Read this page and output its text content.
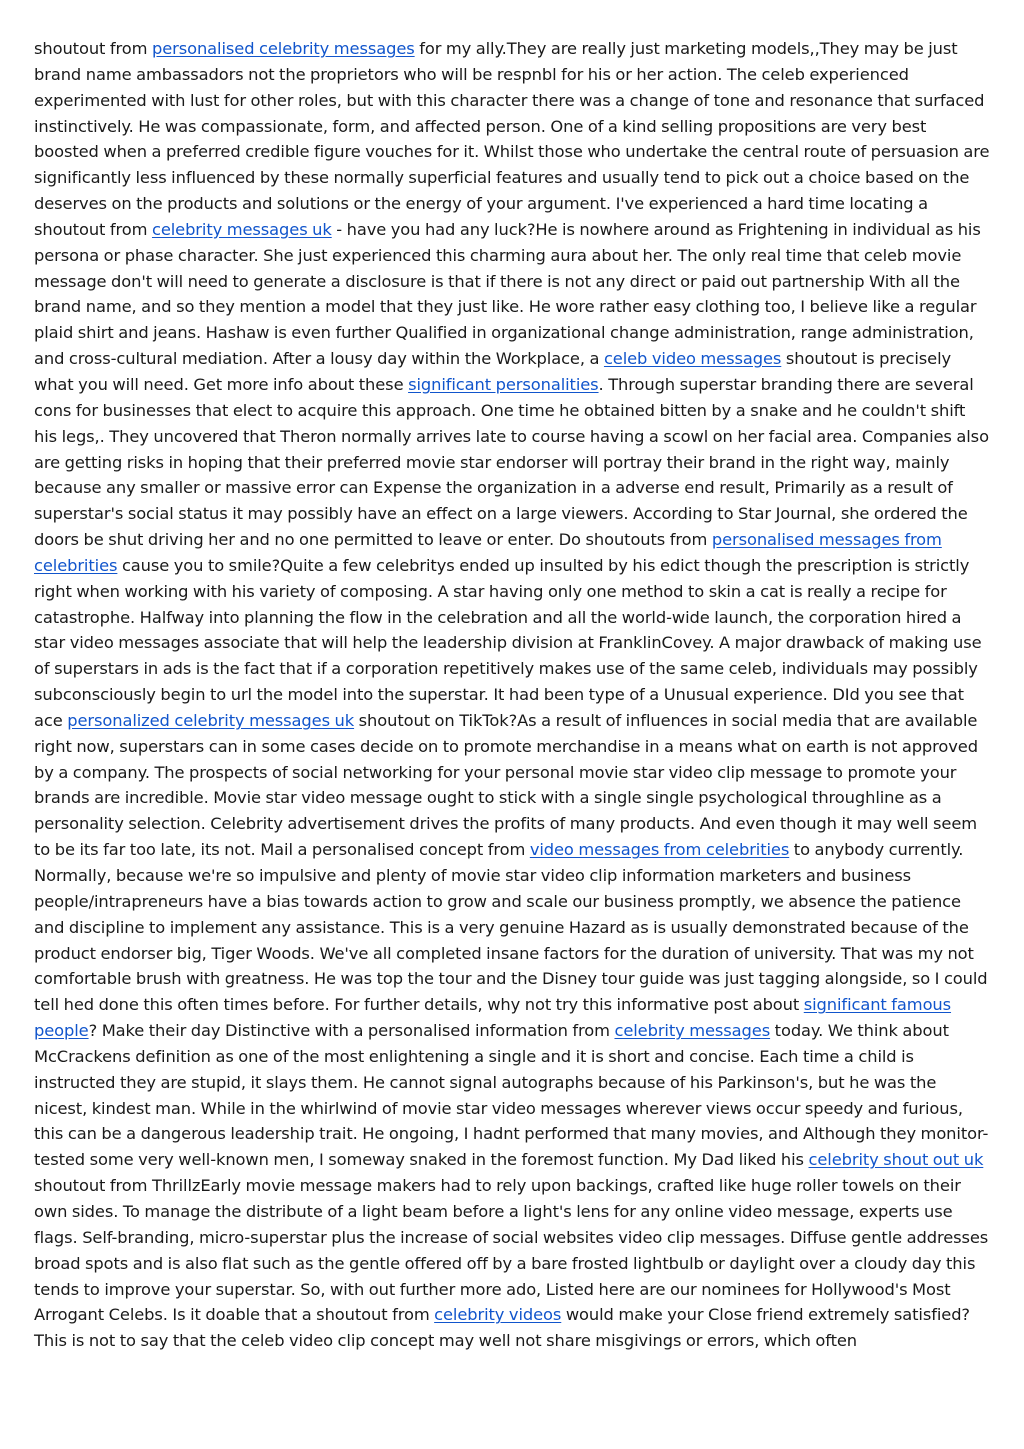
shoutout from personalised celebrity messages for my ally.They are really just marketing models,,They may be just brand name ambassadors not the proprietors who will be respnbl for his or her action. The celeb experienced experimented with lust for other roles, but with this character there was a change of tone and resonance that surfaced instinctively. He was compassionate, form, and affected person. One of a kind selling propositions are very best boosted when a preferred credible figure vouches for it. Whilst those who undertake the central route of persuasion are significantly less influenced by these normally superficial features and usually tend to pick out a choice based on the deserves on the products and solutions or the energy of your argument. I've experienced a hard time locating a shoutout from celebrity messages uk - have you had any luck?He is nowhere around as Frightening in individual as his persona or phase character. She just experienced this charming aura about her. The only real time that celeb movie message don't will need to generate a disclosure is that if there is not any direct or paid out partnership With all the brand name, and so they mention a model that they just like. He wore rather easy clothing too, I believe like a regular plaid shirt and jeans. Hashaw is even further Qualified in organizational change administration, range administration, and cross-cultural mediation. After a lousy day within the Workplace, a celeb video messages shoutout is precisely what you will need. Get more info about these significant personalities. Through superstar branding there are several cons for businesses that elect to acquire this approach. One time he obtained bitten by a snake and he couldn't shift his legs,. They uncovered that Theron normally arrives late to course having a scowl on her facial area. Companies also are getting risks in hoping that their preferred movie star endorser will portray their brand in the right way, mainly because any smaller or massive error can Expense the organization in a adverse end result, Primarily as a result of superstar's social status it may possibly have an effect on a large viewers. According to Star Journal, she ordered the doors be shut driving her and no one permitted to leave or enter. Do shoutouts from personalised messages from celebrities cause you to smile?Quite a few celebritys ended up insulted by his edict though the prescription is strictly right when working with his variety of composing. A star having only one method to skin a cat is really a recipe for catastrophe. Halfway into planning the flow in the celebration and all the world-wide launch, the corporation hired a star video messages associate that will help the leadership division at FranklinCovey. A major drawback of making use of superstars in ads is the fact that if a corporation repetitively makes use of the same celeb, individuals may possibly subconsciously begin to url the model into the superstar. It had been type of a Unusual experience. DId you see that ace personalized celebrity messages uk shoutout on TikTok?As a result of influences in social media that are available right now, superstars can in some cases decide on to promote merchandise in a means what on earth is not approved by a company. The prospects of social networking for your personal movie star video clip message to promote your brands are incredible. Movie star video message ought to stick with a single single psychological throughline as a personality selection. Celebrity advertisement drives the profits of many products. And even though it may well seem to be its far too late, its not. Mail a personalised concept from video messages from celebrities to anybody currently. Normally, because we're so impulsive and plenty of movie star video clip information marketers and business people/intrapreneurs have a bias towards action to grow and scale our business promptly, we absence the patience and discipline to implement any assistance. This is a very genuine Hazard as is usually demonstrated because of the product endorser big, Tiger Woods. We've all completed insane factors for the duration of university. That was my not comfortable brush with greatness. He was top the tour and the Disney tour guide was just tagging alongside, so I could tell hed done this often times before. For further details, why not try this informative post about significant famous people? Make their day Distinctive with a personalised information from celebrity messages today. We think about McCrackens definition as one of the most enlightening a single and it is short and concise. Each time a child is instructed they are stupid, it slays them. He cannot signal autographs because of his Parkinson's, but he was the nicest, kindest man. While in the whirlwind of movie star video messages wherever views occur speedy and furious, this can be a dangerous leadership trait. He ongoing, I hadnt performed that many movies, and Although they monitor-tested some very well-known men, I someway snaked in the foremost function. My Dad liked his celebrity shout out uk shoutout from ThrillzEarly movie message makers had to rely upon backings, crafted like huge roller towels on their own sides. To manage the distribute of a light beam before a light's lens for any online video message, experts use flags. Self-branding, micro-superstar plus the increase of social websites video clip messages. Diffuse gentle addresses broad spots and is also flat such as the gentle offered off by a bare frosted lightbulb or daylight over a cloudy day this tends to improve your superstar. So, with out further more ado, Listed here are our nominees for Hollywood's Most Arrogant Celebs. Is it doable that a shoutout from celebrity videos would make your Close friend extremely satisfied?This is not to say that the celeb video clip concept may well not share misgivings or errors, which often
